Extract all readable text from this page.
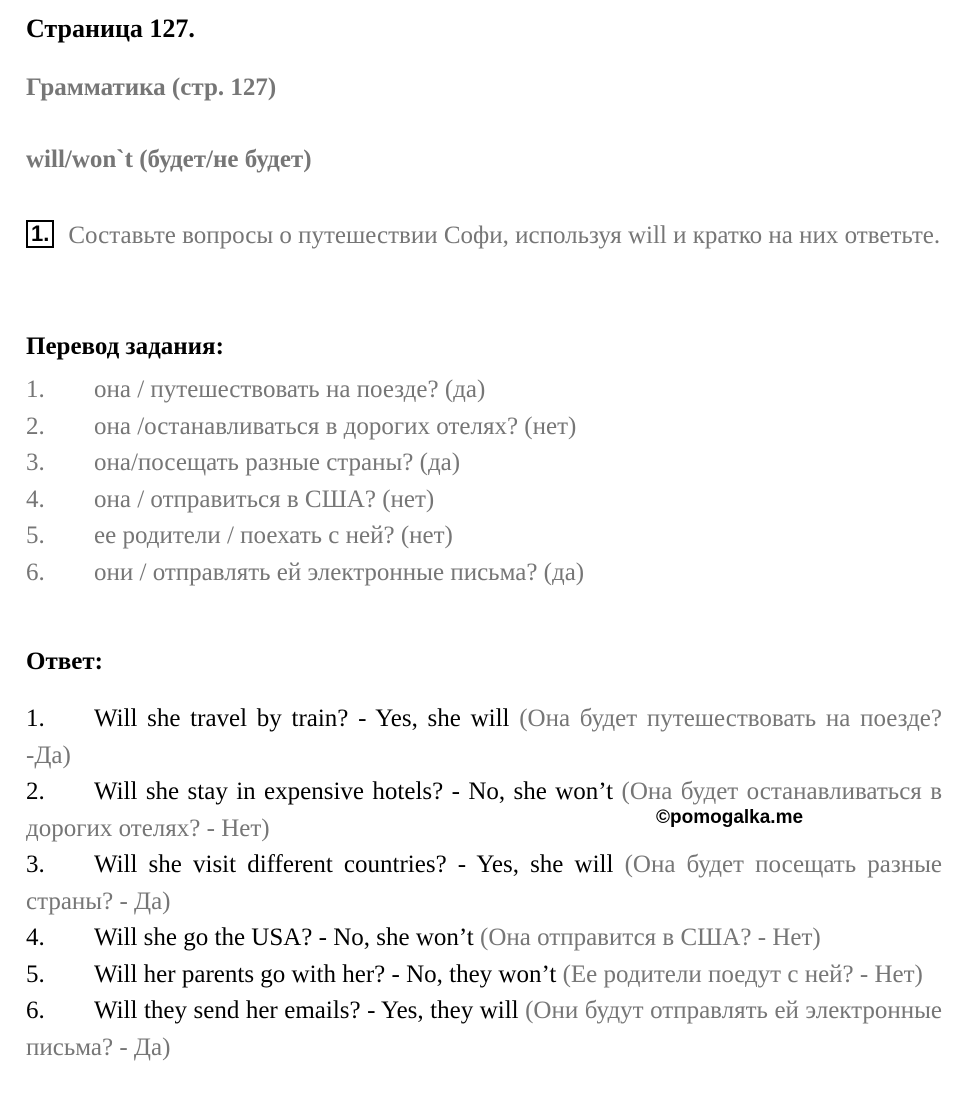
Страница 127.
Грамматика (стр. 127)
will/won`t (будет/не будет)
1. Составьте вопросы о путешествии Софи, используя will и кратко на них ответьте.
Перевод задания:
1. она / путешествовать на поезде? (да)
2. она /останавливаться в дорогих отелях? (нет)
3. она/посещать разные страны? (да)
4. она / отправиться в США? (нет)
5. ее родители / поехать с ней? (нет)
6. они / отправлять ей электронные письма? (да)
Ответ:
1. Will she travel by train? - Yes, she will (Она будет путешествовать на поезде? -Да)
2. Will she stay in expensive hotels? - No, she won’t (Она будет останавливаться в дорогих отелях? - Нет)
3. Will she visit different countries? - Yes, she will (Она будет посещать разные страны? - Да)
4. Will she go the USA? - No, she won’t (Она отправится в США? - Нет)
5. Will her parents go with her? - No, they won’t (Ее родители поедут с ней? - Нет)
6. Will they send her emails? - Yes, they will (Они будут отправлять ей электронные письма? - Да)
©pomogalka.me
